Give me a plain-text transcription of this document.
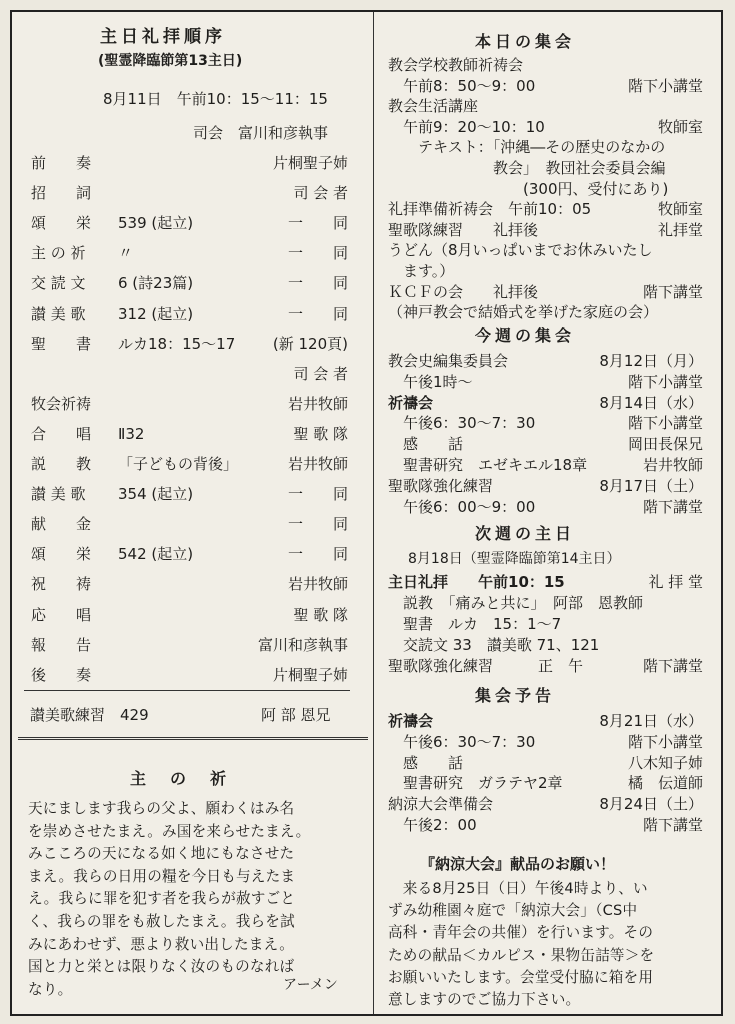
主日礼拝順序
(聖霊降臨節第13主日)
8月11日　午前10：15～11：15
司会　富川和彦執事
前　　奏	片桐聖子姉
招　　詞	司 会 者
頌　　栄 539 (起立)	一　　同
主 の 祈 〃	一　　同
交 読 文 6 (詩23篇)	一　　同
讃 美 歌 312 (起立)	一　　同
聖　　書 ルカ18：15～17	(新 120頁)
司 会 者
牧会祈祷	岩井牧師
合　　唱 Ⅱ32	聖 歌 隊
説　　教 「子どもの背後」	岩井牧師
讃 美 歌 354 (起立)	一　　同
献　　金	一　　同
頌　　栄 542 (起立)	一　　同
祝　　祷	岩井牧師
応　　唱	聖 歌 隊
報　　告	富川和彦執事
後　　奏	片桐聖子姉
讃美歌練習　429	阿 部 恩兄
主　の　祈
天にまします我らの父よ、願わくはみ名
を崇めさせたまえ。み国を来らせたまえ。
みこころの天になる如く地にもなさせた
まえ。我らの日用の糧を今日も与えたま
え。我らに罪を犯す者を我らが赦すごと
く、我らの罪をも赦したまえ。我らを試
みにあわせず、悪より救い出したまえ。
国と力と栄とは限りなく汝のものなれば
なり。	アーメン
本日の集会
教会学校教師祈祷会
　午前8：50～9：00	階下小講堂
教会生活講座
　午前9：20～10：10	牧師室
　　テキスト：「沖縄―その歴史のなかの
　　　　　　　教会」　教団社会委員会編
　　　　　　　　　(300円、受付にあり)
礼拝準備祈祷会　午前10：05	牧師室
聖歌隊練習　　礼拝後	礼拝堂
うどん（8月いっぱいまでお休みいたし
　ます。）
ＫＣＦの会　　礼拝後	階下講堂
（神戸教会で結婚式を挙げた家庭の会）
今週の集会
教会史編集委員会	8月12日（月）
　午後1時～	階下小講堂
祈禱会	8月14日（水）
　午後6：30～7：30	階下小講堂
　感　　話	岡田長保兄
　聖書研究　エゼキエル18章	岩井牧師
聖歌隊強化練習	8月17日（土）
　午後6：00～9：00	階下講堂
次週の主日
8月18日（聖霊降臨節第14主日）
主日礼拝　　午前10：15	礼 拝 堂
　説教　「痛みと共に」　阿部　恩教師
　聖書　ルカ　15：1～7
　交読文 33　讃美歌 71、121
聖歌隊強化練習　　　正　午	階下講堂
集会予告
祈禱会	8月21日（水）
　午後6：30～7：30	階下小講堂
　感　　話	八木知子姉
　聖書研究　ガラテヤ2章	橘　伝道師
納涼大会準備会	8月24日（土）
　午後2：00	階下講堂
『納涼大会』献品のお願い！
　来る8月25日（日）午後4時より、い
ずみ幼稚園々庭で「納涼大会」（CS中
高科・青年会の共催）を行います。その
ための献品＜カルピス・果物缶詰等＞を
お願いいたします。会堂受付脇に箱を用
意しますのでご協力下さい。
